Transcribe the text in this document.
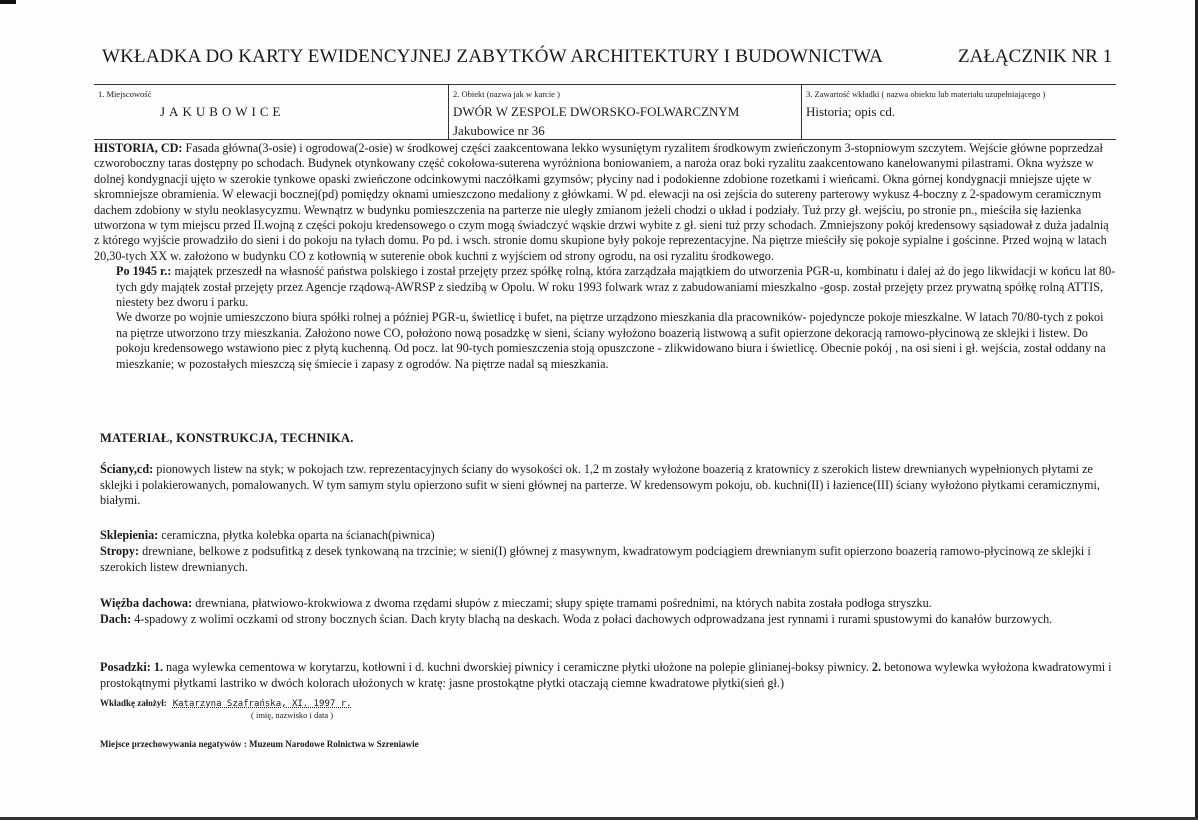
WKŁADKA DO KARTY EWIDENCYJNEJ ZABYTKÓW ARCHITEKTURY I BUDOWNICTWA	ZAŁĄCZNIK NR 1
1. Miejscowość
JAKUBOWICE
2. Obiekt (nazwa jak w karcie )
DWÓR W ZESPOLE DWORSKO-FOLWARCZNYM
Jakubowice nr 36
3. Zawartość wkładki ( nazwa obiektu lub materiału uzupełniającego )
Historia; opis cd.

HISTORIA, CD: Fasada główna(3-osie) i ogrodowa(2-osie) w środkowej części zaakcentowana lekko wysuniętym ryzalitem środkowym zwieńczonym 3-stopniowym szczytem. Wejście główne poprzedzał czworoboczny taras dostępny po schodach. Budynek otynkowany część cokołowa-suterena wyróżniona boniowaniem, a naroża oraz boki ryzalitu zaakcentowano kanelowanymi pilastrami. Okna wyższe w dolnej kondygnacji ujęto w szerokie tynkowe opaski zwieńczone odcinkowymi naczółkami gzymsów; płyciny nad i podokienne zdobione rozetkami i wieńcami. Okna górnej kondygnacji mniejsze ujęte w skromniejsze obramienia. W elewacji bocznej(pd) pomiędzy oknami umieszczono medaliony z główkami. W pd. elewacji na osi zejścia do sutereny parterowy wykusz 4-boczny z 2-spadowym ceramicznym dachem zdobiony w stylu neoklasycyzmu. Wewnątrz w budynku pomieszczenia na parterze nie uległy zmianom jeżeli chodzi o układ i podziały. Tuż przy gł. wejściu, po stronie pn., mieściła się łazienka utworzona w tym miejscu przed II.wojną z części pokoju kredensowego o czym mogą świadczyć wąskie drzwi wybite z gł. sieni tuż przy schodach. Zmniejszony pokój kredensowy sąsiadował z duża jadalnią z którego wyjście prowadziło do sieni i do pokoju na tyłach domu. Po pd. i wsch. stronie domu skupione były pokoje reprezentacyjne. Na piętrze mieściły się pokoje sypialne i gościnne. Przed wojną w latach 20,30-tych XX w. założono w budynku CO z kotłownią w suterenie obok kuchni z wyjściem od strony ogrodu, na osi ryzalitu środkowego.

Po 1945 r.: majątek przeszedł na własność państwa polskiego i został przejęty przez spółkę rolną, która zarządzała majątkiem do utworzenia PGR-u, kombinatu i dalej aż do jego likwidacji w końcu lat 80-tych gdy majątek został przejęty przez Agencje rządową-AWRSP z siedzibą w Opolu. W roku 1993 folwark wraz z zabudowaniami mieszkalno -gosp. został przejęty przez prywatną spółkę rolną ATTIS, niestety bez dworu i parku.

We dworze po wojnie umieszczono biura spółki rolnej a później PGR-u, świetlicę i bufet, na piętrze urządzono mieszkania dla pracowników- pojedyncze pokoje mieszkalne. W latach 70/80-tych z pokoi na piętrze utworzono trzy mieszkania. Założono nowe CO, położono nową posadzkę w sieni, ściany wyłożono boazerią listwową a sufit opierzone dekoracją ramowo-płycinową ze sklejki i listew. Do pokoju kredensowego wstawiono piec z płytą kuchenną. Od pocz. lat 90-tych pomieszczenia stoją opuszczone - zlikwidowano biura i świetlicę. Obecnie pokój , na osi sieni i gł. wejścia, został oddany na mieszkanie; w pozostałych mieszczą się śmiecie i zapasy z ogrodów. Na piętrze nadal są mieszkania.

MATERIAŁ, KONSTRUKCJA, TECHNIKA.
Ściany,cd: pionowych listew na styk; w pokojach tzw. reprezentacyjnych ściany do wysokości ok. 1,2 m zostały wyłożone boazerią z kratownicy z szerokich listew drewnianych wypełnionych płytami ze sklejki i polakierowanych, pomalowanych. W tym samym stylu opierzono sufit w sieni głównej na parterze. W kredensowym pokoju, ob. kuchni(II) i łazience(III) ściany wyłożono płytkami ceramicznymi, białymi.
Sklepienia: ceramiczna, płytka kolebka oparta na ścianach(piwnica)
Stropy: drewniane, belkowe z podsufitką z desek tynkowaną na trzcinie; w sieni(I) głównej z masywnym, kwadratowym podciągiem drewnianym sufit opierzono boazerią ramowo-płycinową ze sklejki i szerokich listew drewnianych.
Więźba dachowa: drewniana, płatwiowo-krokwiowa z dwoma rzędami słupów z mieczami; słupy spięte tramami pośrednimi, na których nabita została podłoga stryszku.
Dach: 4-spadowy z wolimi oczkami od strony bocznych ścian. Dach kryty blachą na deskach. Woda z połaci dachowych odprowadzana jest rynnami i rurami spustowymi do kanałów burzowych.
Posadzki: 1. naga wylewka cementowa w korytarzu, kotłowni i d. kuchni dworskiej piwnicy i ceramiczne płytki ułożone na polepie glinianej-boksy piwnicy. 2. betonowa wylewka wyłożona kwadratowymi i prostokątnymi płytkami lastriko w dwóch kolorach ułożonych w kratę: jasne prostokątne płytki otaczają ciemne kwadratowe płytki(sień gł.)
Wkładkę założył: Katarzyna Szafrańska, XI. 1997 r.
( imię, nazwisko i data )
Miejsce przechowywania negatywów : Muzeum Narodowe Rolnictwa w Szreniawie
